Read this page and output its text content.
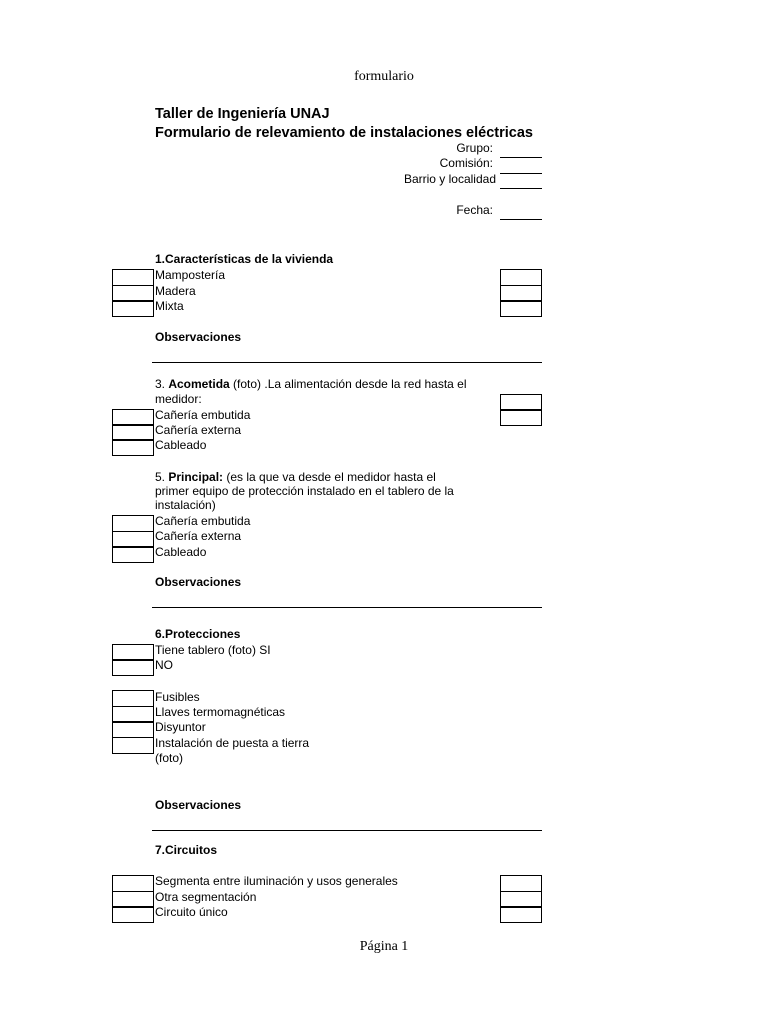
formulario
Página 1
Taller de Ingeniería UNAJ
Formulario de relevamiento de instalaciones eléctricas
Grupo:
Comisión:
Barrio y localidad
Fecha:
1.Características de la vivienda
Mampostería
Madera
Mixta
Observaciones
3. Acometida (foto) .La alimentación desde la red hasta el
medidor:
Cañería embutida
Cañería externa
Cableado
5. Principal: (es la que va desde el medidor hasta el
primer equipo de protección instalado en el tablero de la
instalación)
Cañería embutida
Cañería externa
Cableado
Observaciones
6.Protecciones
Tiene tablero (foto) SI
NO
Fusibles
Llaves termomagnéticas
Disyuntor
Instalación de puesta a tierra
(foto)
Observaciones
7.Circuitos
Segmenta entre iluminación y usos generales
Otra segmentación
Circuito único
